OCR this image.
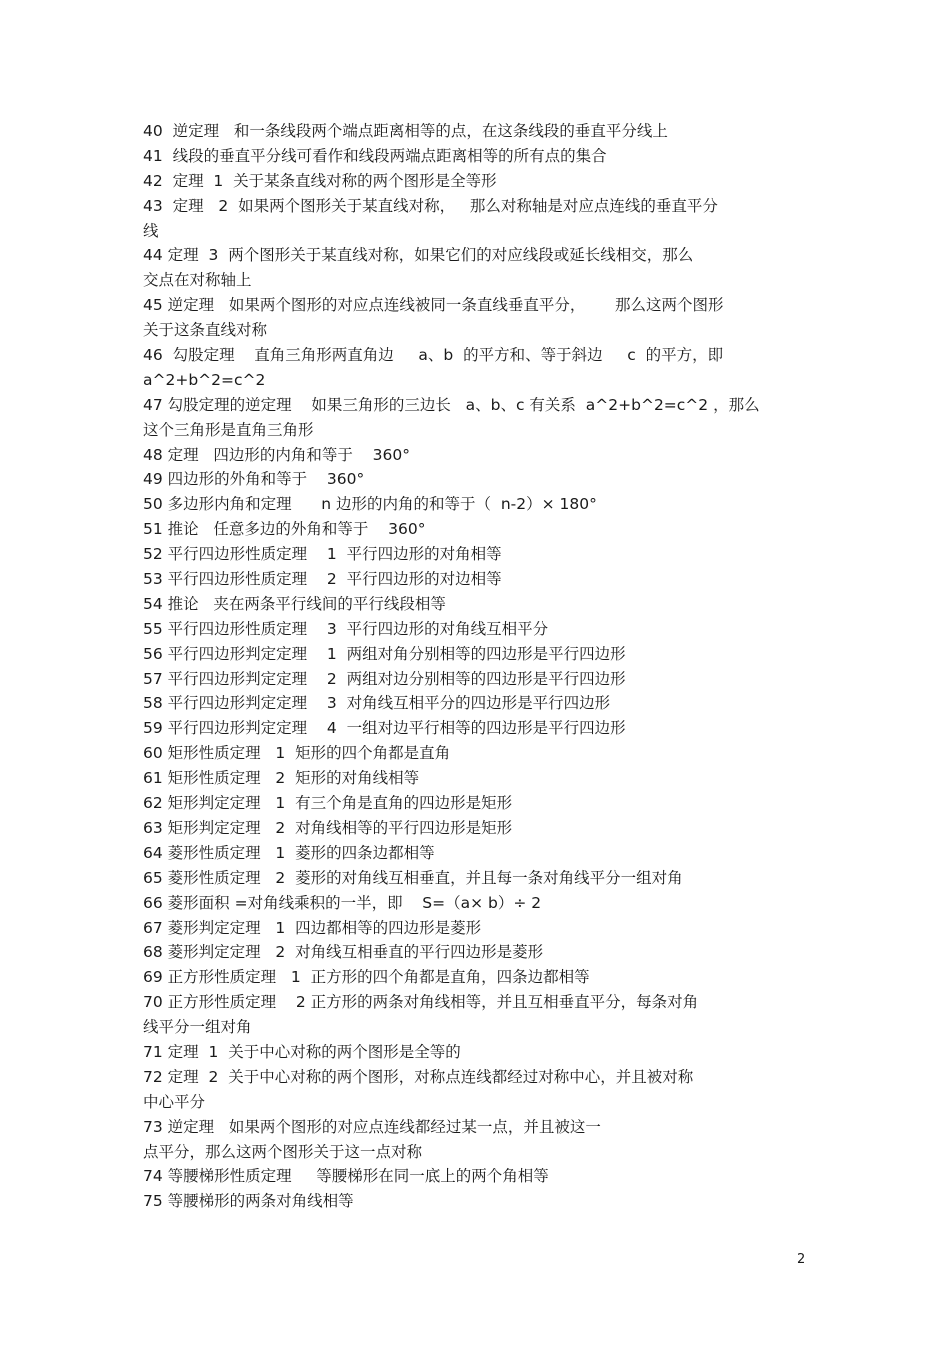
40  逆定理   和一条线段两个端点距离相等的点，在这条线段的垂直平分线上
41  线段的垂直平分线可看作和线段两端点距离相等的所有点的集合
42  定理  1  关于某条直线对称的两个图形是全等形
43  定理   2  如果两个图形关于某直线对称，   那么对称轴是对应点连线的垂直平分
线
44 定理  3  两个图形关于某直线对称，如果它们的对应线段或延长线相交，那么
交点在对称轴上
45 逆定理   如果两个图形的对应点连线被同一条直线垂直平分，      那么这两个图形
关于这条直线对称
46  勾股定理    直角三角形两直角边     a、b  的平方和、等于斜边     c  的平方，即
a^2+b^2=c^2
47 勾股定理的逆定理    如果三角形的三边长   a、b、c 有关系  a^2+b^2=c^2 ，那么
这个三角形是直角三角形
48 定理   四边形的内角和等于    360°
49 四边形的外角和等于    360°
50 多边形内角和定理      n 边形的内角的和等于（  n-2）× 180°
51 推论   任意多边的外角和等于    360°
52 平行四边形性质定理    1  平行四边形的对角相等
53 平行四边形性质定理    2  平行四边形的对边相等
54 推论   夹在两条平行线间的平行线段相等
55 平行四边形性质定理    3  平行四边形的对角线互相平分
56 平行四边形判定定理    1  两组对角分别相等的四边形是平行四边形
57 平行四边形判定定理    2  两组对边分别相等的四边形是平行四边形
58 平行四边形判定定理    3  对角线互相平分的四边形是平行四边形
59 平行四边形判定定理    4  一组对边平行相等的四边形是平行四边形
60 矩形性质定理   1  矩形的四个角都是直角
61 矩形性质定理   2  矩形的对角线相等
62 矩形判定定理   1  有三个角是直角的四边形是矩形
63 矩形判定定理   2  对角线相等的平行四边形是矩形
64 菱形性质定理   1  菱形的四条边都相等
65 菱形性质定理   2  菱形的对角线互相垂直，并且每一条对角线平分一组对角
66 菱形面积 =对角线乘积的一半，即    S=（a× b）÷ 2
67 菱形判定定理   1  四边都相等的四边形是菱形
68 菱形判定定理   2  对角线互相垂直的平行四边形是菱形
69 正方形性质定理   1  正方形的四个角都是直角，四条边都相等
70 正方形性质定理    2 正方形的两条对角线相等，并且互相垂直平分，每条对角
线平分一组对角
71 定理  1  关于中心对称的两个图形是全等的
72 定理  2  关于中心对称的两个图形，对称点连线都经过对称中心，并且被对称
中心平分
73 逆定理   如果两个图形的对应点连线都经过某一点，并且被这一
点平分，那么这两个图形关于这一点对称
74 等腰梯形性质定理     等腰梯形在同一底上的两个角相等
75 等腰梯形的两条对角线相等
2
